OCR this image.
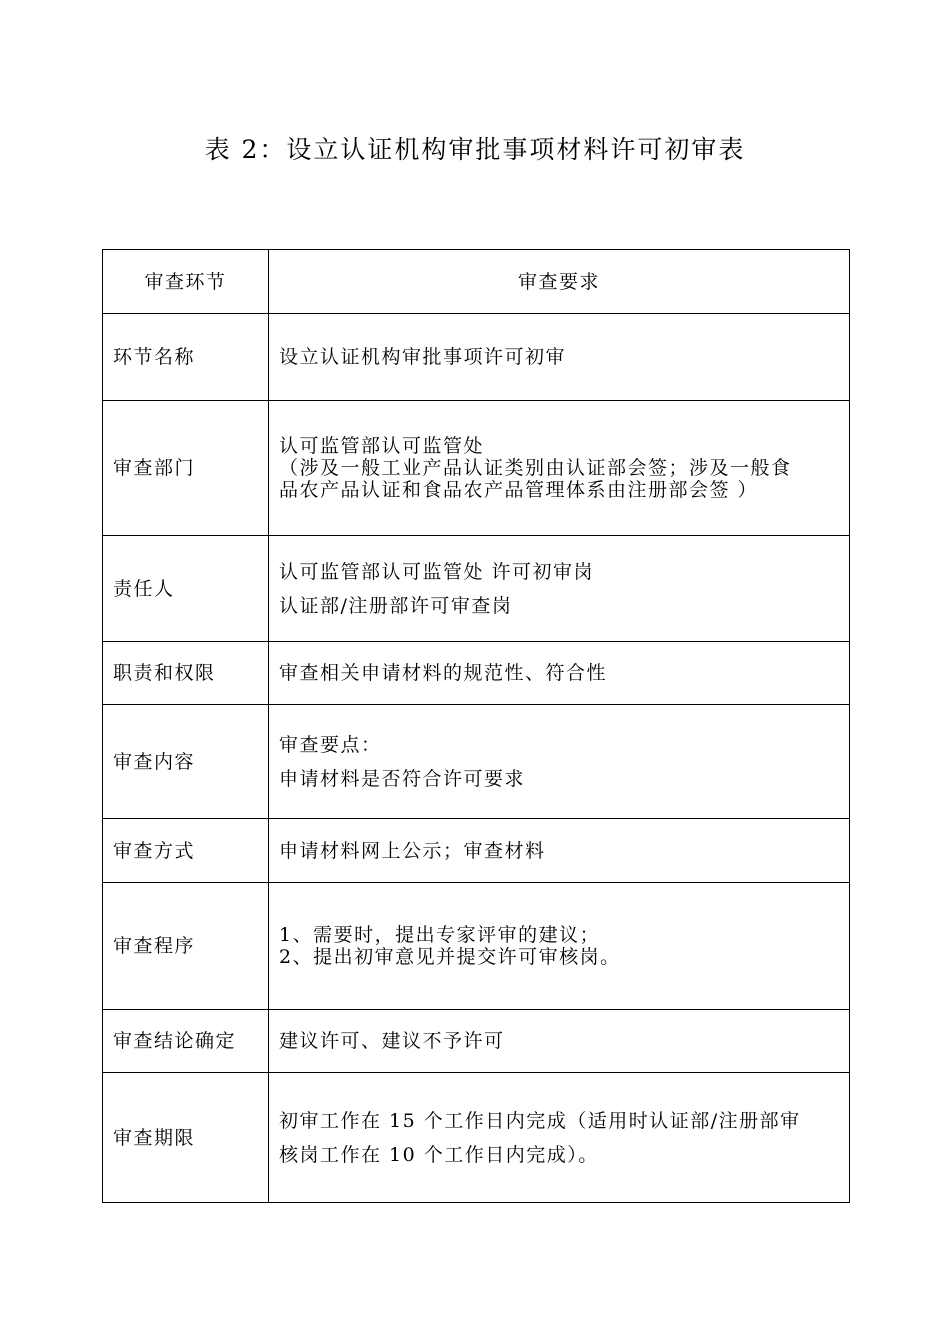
表 2：设立认证机构审批事项材料许可初审表
审查环节	审查要求
环节名称	设立认证机构审批事项许可初审

审查部门	认可监管部认可监管处
（涉及一般工业产品认证类别由认证部会签；涉及一般食
品农产品认证和食品农产品管理体系由注册部会签 ）

责任人	认可监管部认可监管处 许可初审岗
认证部/注册部许可审查岗

职责和权限	审查相关申请材料的规范性、符合性

审查内容	审查要点：
申请材料是否符合许可要求

审查方式	申请材料网上公示；审查材料

审查程序	1、需要时，提出专家评审的建议；
2、提出初审意见并提交许可审核岗。

审查结论确定	建议许可、建议不予许可

审查期限	初审工作在 15 个工作日内完成（适用时认证部/注册部审
核岗工作在 10 个工作日内完成）。
